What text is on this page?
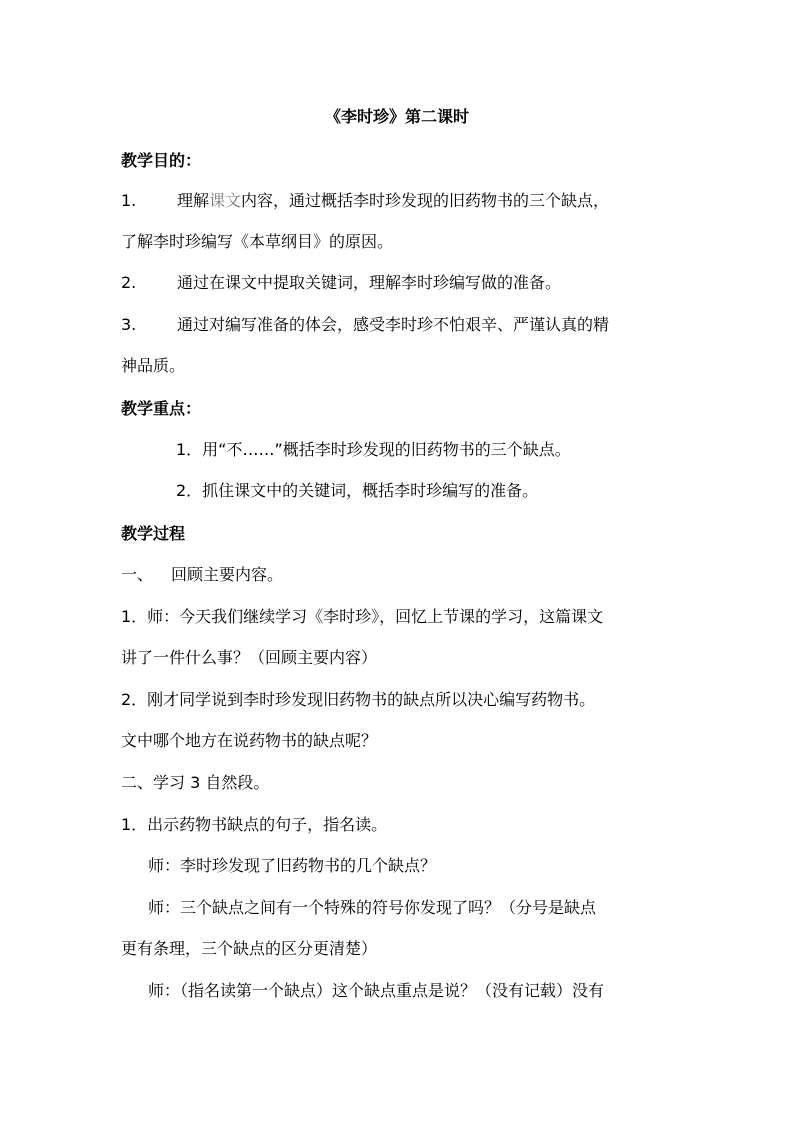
《李时珍》第二课时
教学目的：
1.	理解课文内容，通过概括李时珍发现的旧药物书的三个缺点，
了解李时珍编写《本草纲目》的原因。
2.	通过在课文中提取关键词，理解李时珍编写做的准备。
3.	通过对编写准备的体会，感受李时珍不怕艰辛、严谨认真的精
神品质。
教学重点：
1．用“不……”概括李时珍发现的旧药物书的三个缺点。
2．抓住课文中的关键词，概括李时珍编写的准备。
教学过程
一、 回顾主要内容。
1．师：今天我们继续学习《李时珍》，回忆上节课的学习，这篇课文
讲了一件什么事？（回顾主要内容）
2．刚才同学说到李时珍发现旧药物书的缺点所以决心编写药物书。
文中哪个地方在说药物书的缺点呢？
二、学习 3 自然段。
1．出示药物书缺点的句子，指名读。
师：李时珍发现了旧药物书的几个缺点？
师：三个缺点之间有一个特殊的符号你发现了吗？（分号是缺点
更有条理，三个缺点的区分更清楚）
师：（指名读第一个缺点）这个缺点重点是说？（没有记载）没有
